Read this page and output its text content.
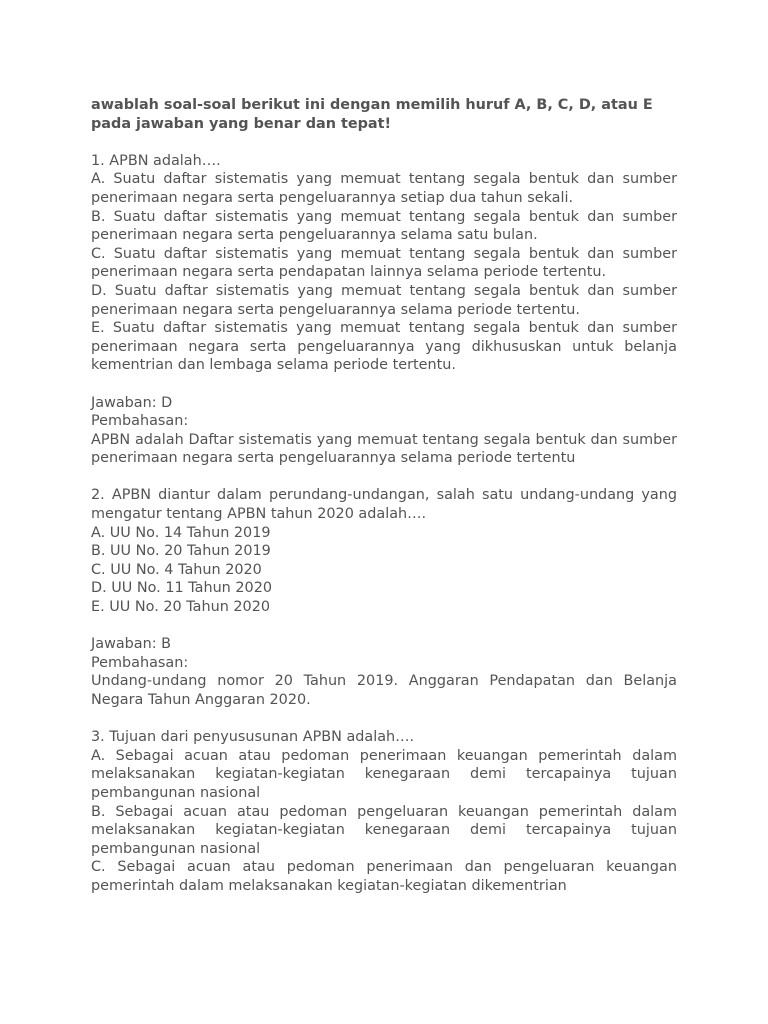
awablah soal-soal berikut ini dengan memilih huruf A, B, C, D, atau E pada jawaban yang benar dan tepat!

1. APBN adalah….

A. Suatu daftar sistematis yang memuat tentang segala bentuk dan sumber penerimaan negara serta pengeluarannya setiap dua tahun sekali.

B. Suatu daftar sistematis yang memuat tentang segala bentuk dan sumber penerimaan negara serta pengeluarannya selama satu bulan.

C. Suatu daftar sistematis yang memuat tentang segala bentuk dan sumber penerimaan negara serta pendapatan lainnya selama periode tertentu.

D. Suatu daftar sistematis yang memuat tentang segala bentuk dan sumber penerimaan negara serta pengeluarannya selama periode tertentu.

E. Suatu daftar sistematis yang memuat tentang segala bentuk dan sumber penerimaan negara serta pengeluarannya yang dikhususkan untuk belanja kementrian dan lembaga selama periode tertentu.

Jawaban: D

Pembahasan:

APBN adalah Daftar sistematis yang memuat tentang segala bentuk dan sumber penerimaan negara serta pengeluarannya selama periode tertentu

2. APBN diantur dalam perundang-undangan, salah satu undang-undang yang mengatur tentang APBN tahun 2020 adalah….

A. UU No. 14 Tahun 2019

B. UU No. 20 Tahun 2019

C. UU No. 4 Tahun 2020

D. UU No. 11 Tahun 2020

E. UU No. 20 Tahun 2020

Jawaban: B

Pembahasan:

Undang-undang nomor 20 Tahun 2019. Anggaran Pendapatan dan Belanja Negara Tahun Anggaran 2020.

3. Tujuan dari penyususunan APBN adalah….

A. Sebagai acuan atau pedoman penerimaan keuangan pemerintah dalam melaksanakan kegiatan-kegiatan kenegaraan demi tercapainya tujuan pembangunan nasional

B. Sebagai acuan atau pedoman pengeluaran keuangan pemerintah dalam melaksanakan kegiatan-kegiatan kenegaraan demi tercapainya tujuan pembangunan nasional

C. Sebagai acuan atau pedoman penerimaan dan pengeluaran keuangan pemerintah dalam melaksanakan kegiatan-kegiatan dikementrian
